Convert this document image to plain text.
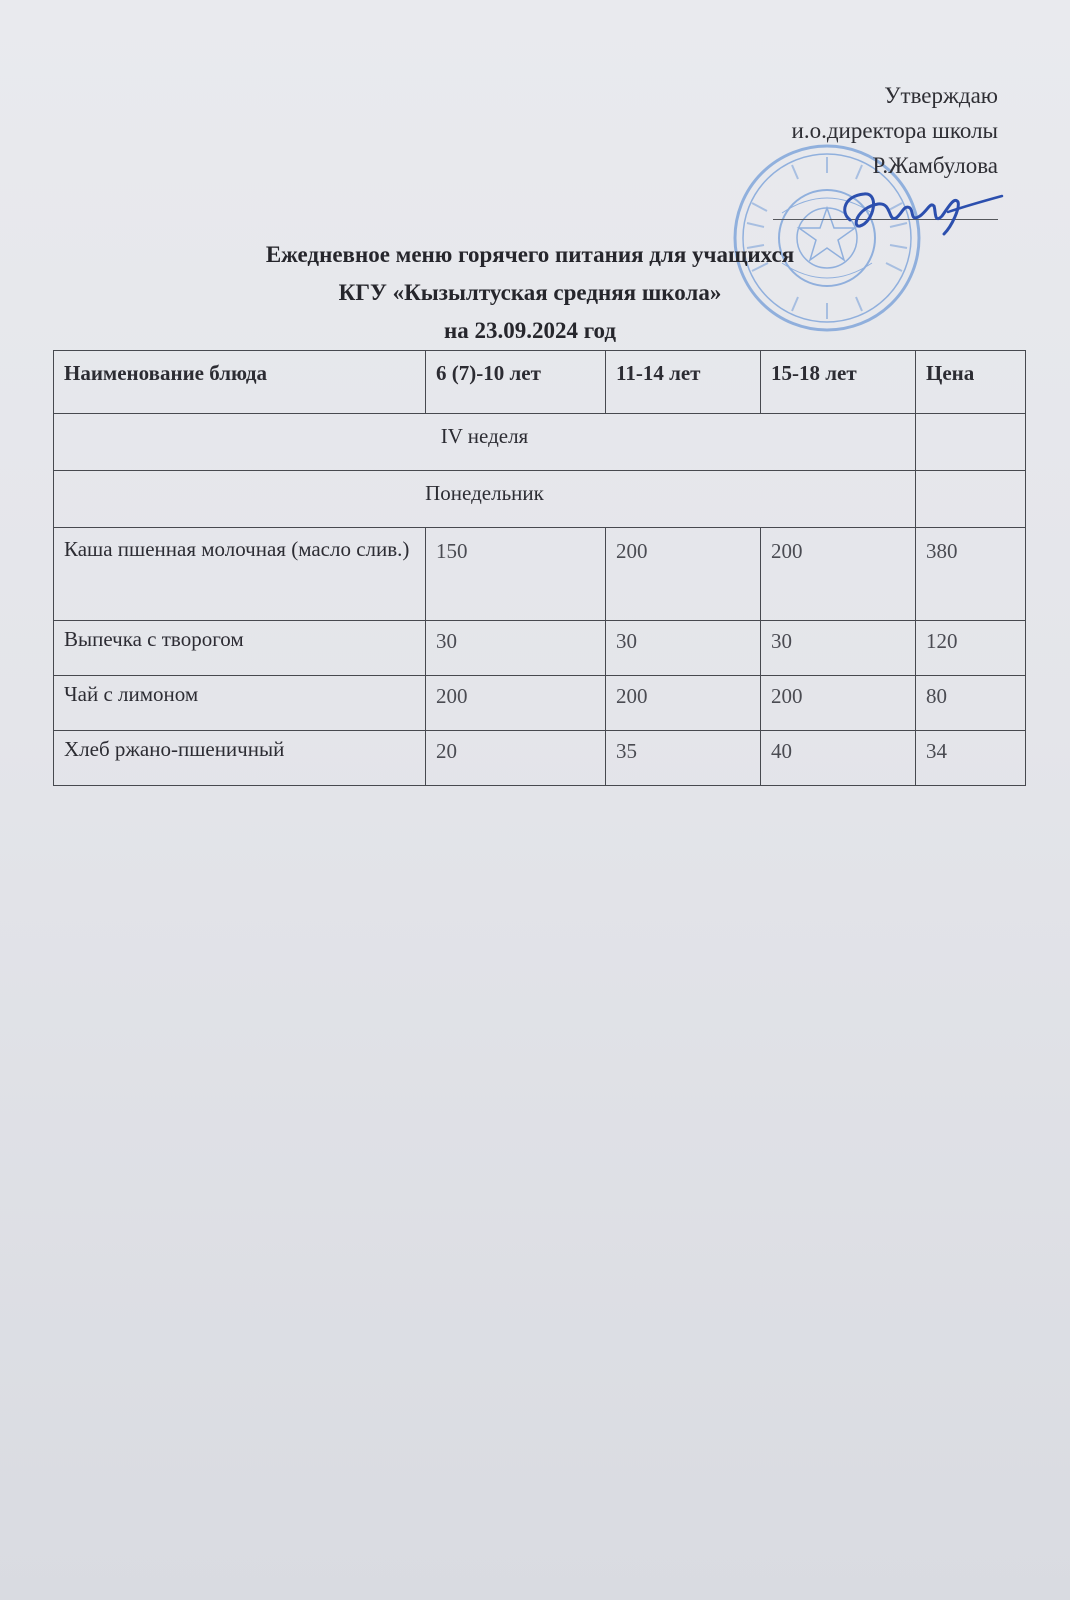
Утверждаю
и.о.директора школы
Р.Жамбулова
Ежедневное меню горячего питания для учащихся
КГУ «Кызылтуская средняя школа»
на 23.09.2024 год
Наименование блюда	6 (7)-10 лет	11-14 лет	15-18 лет	Цена
IV неделя				
Понедельник				
Каша пшенная молочная (масло слив.)	150	200	200	380
Выпечка с творогом	30	30	30	120
Чай с лимоном	200	200	200	80
Хлеб ржано-пшеничный	20	35	40	34
